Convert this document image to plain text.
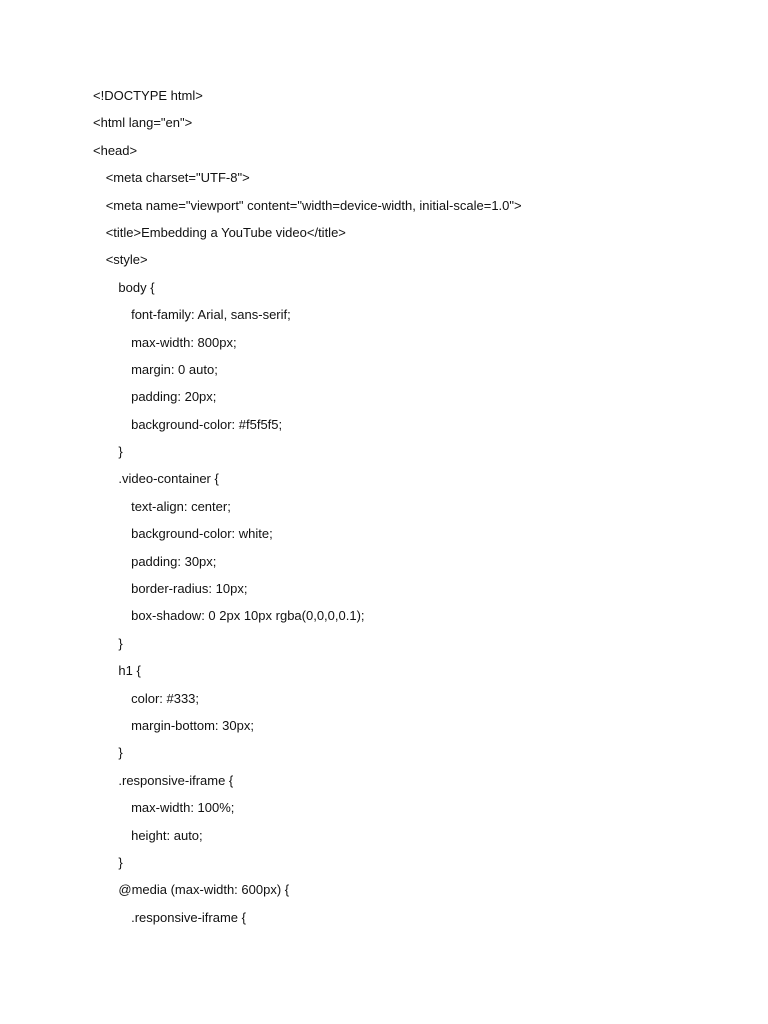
<!DOCTYPE html>
<html lang="en">
<head>
<meta charset="UTF-8">
<meta name="viewport" content="width=device-width, initial-scale=1.0">
<title>Embedding a YouTube video</title>
<style>
body {
font-family: Arial, sans-serif;
max-width: 800px;
margin: 0 auto;
padding: 20px;
background-color: #f5f5f5;
}
.video-container {
text-align: center;
background-color: white;
padding: 30px;
border-radius: 10px;
box-shadow: 0 2px 10px rgba(0,0,0,0.1);
}
h1 {
color: #333;
margin-bottom: 30px;
}
.responsive-iframe {
max-width: 100%;
height: auto;
}
@media (max-width: 600px) {
.responsive-iframe {
